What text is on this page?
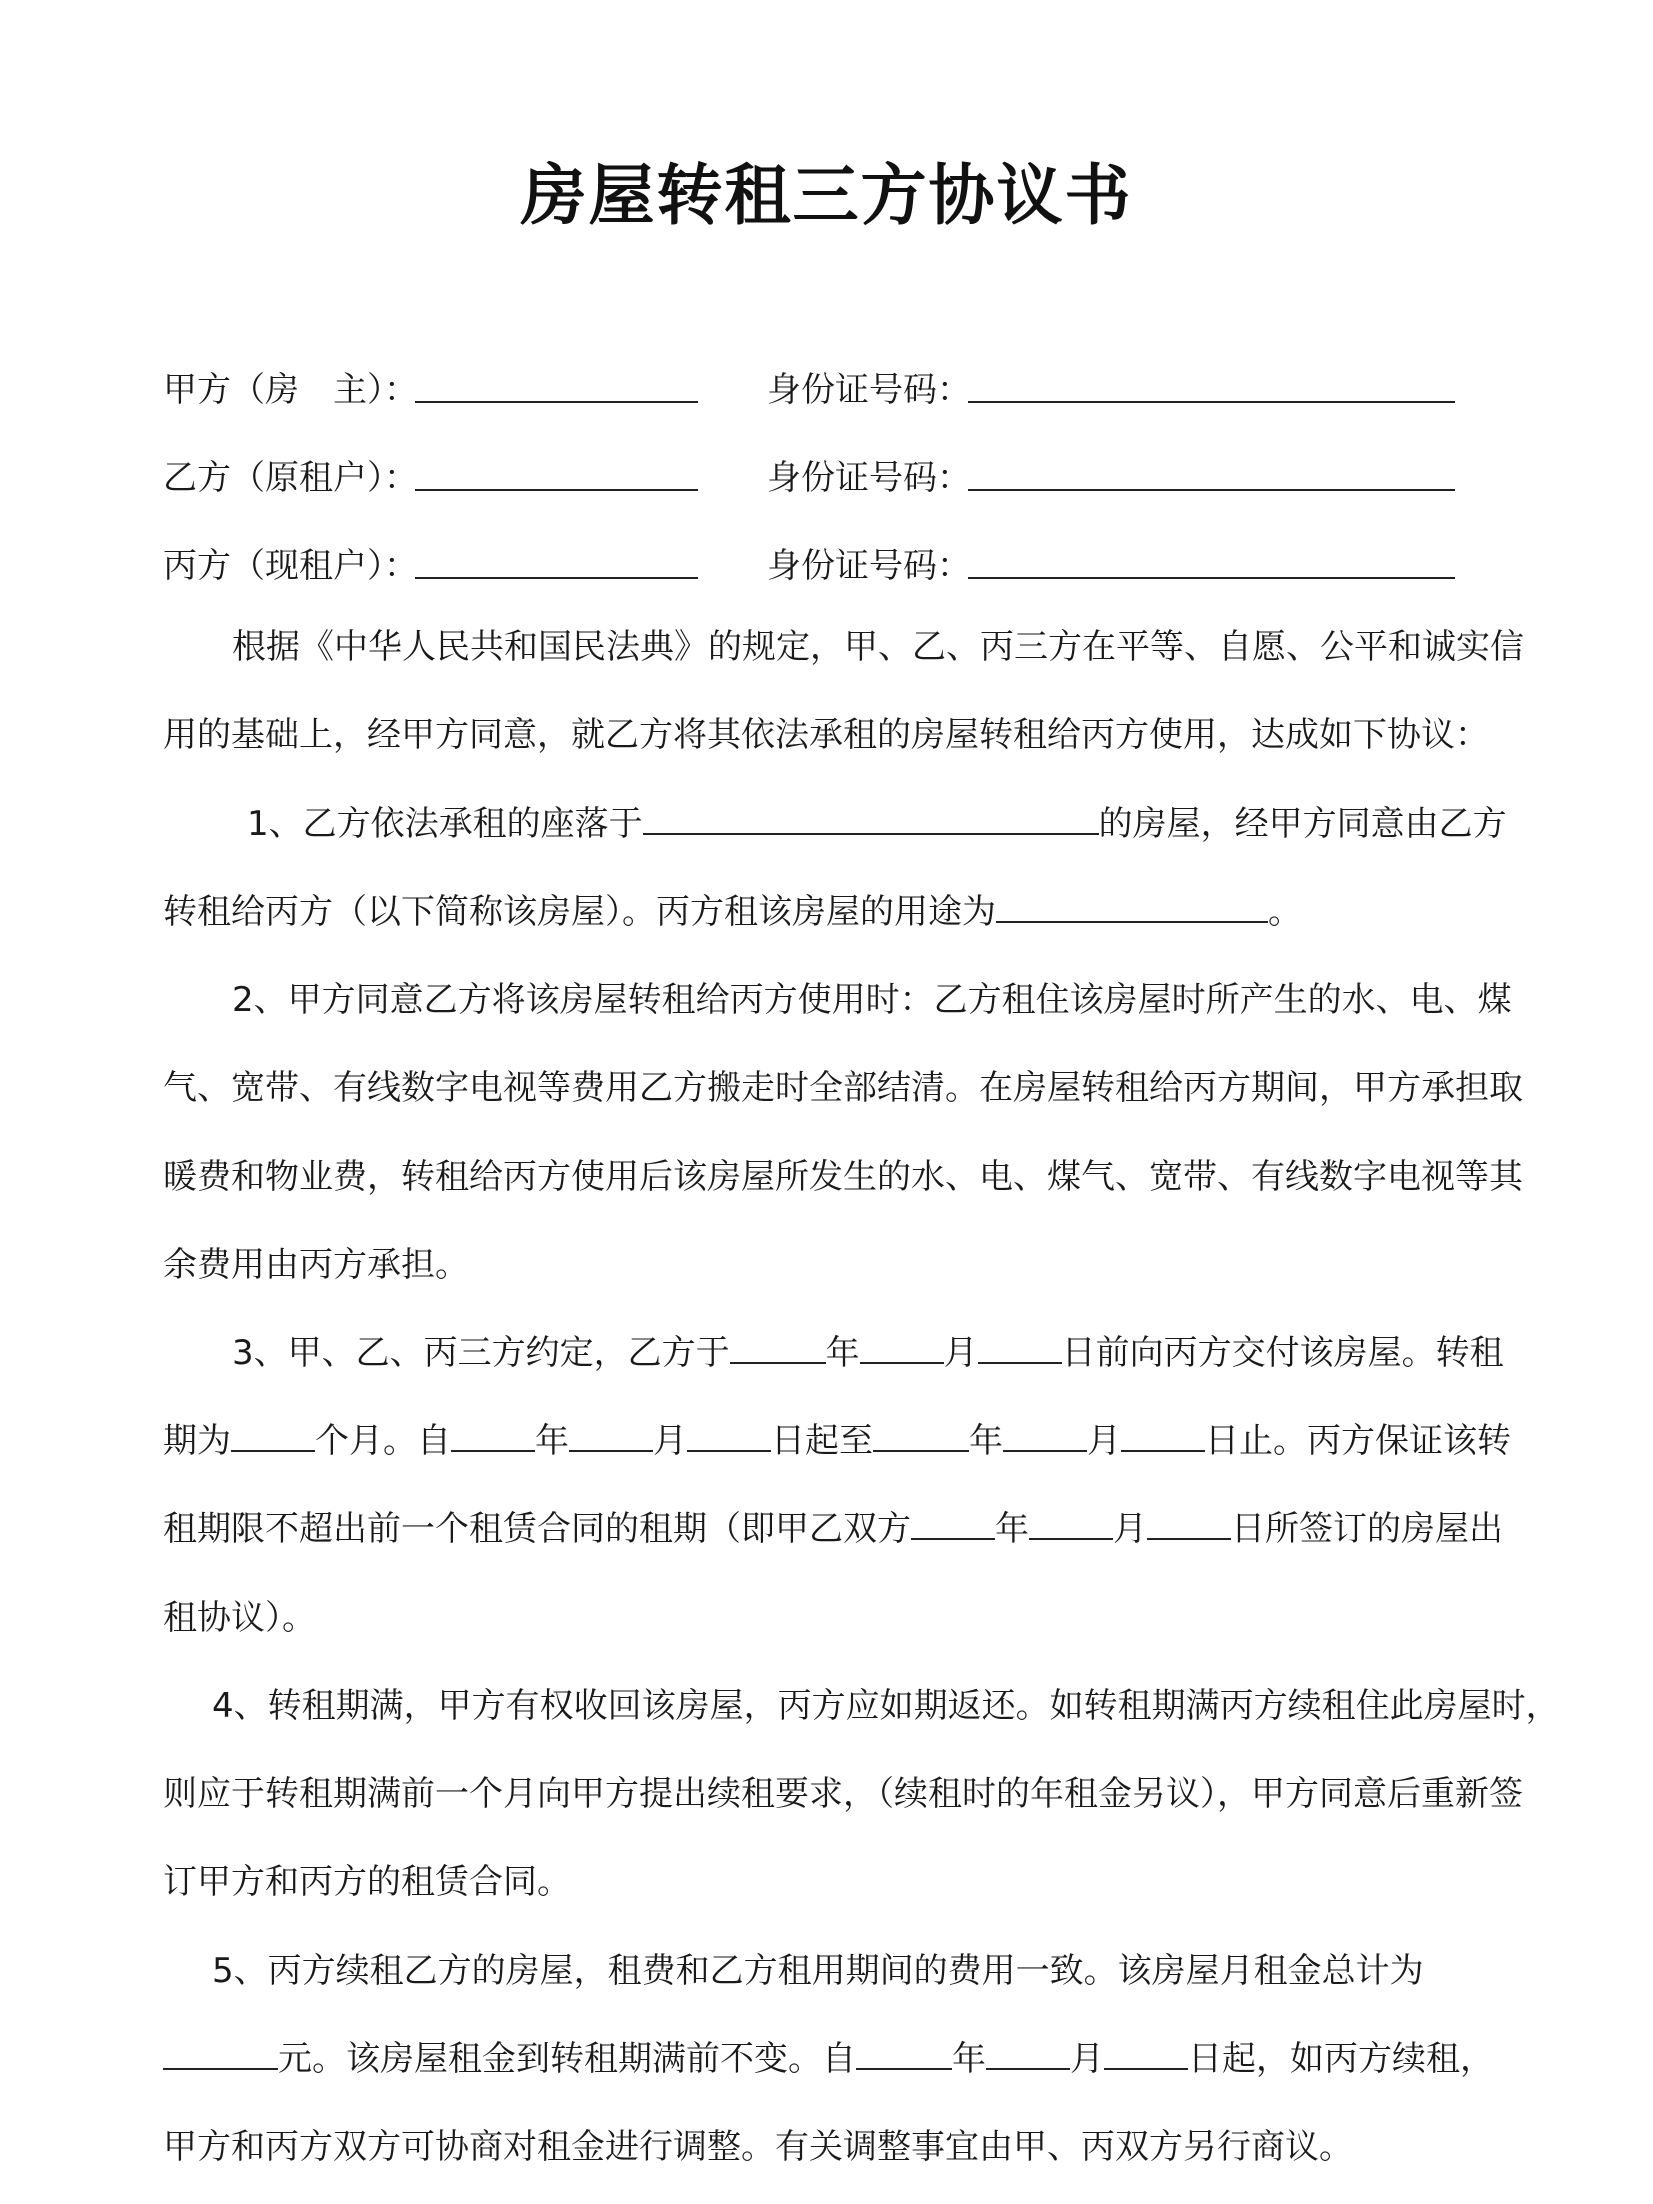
房屋转租三方协议书
甲方（房　主）：	身份证号码：
乙方（原租户）：	身份证号码：
丙方（现租户）：	身份证号码：
根据《中华人民共和国民法典》的规定，甲、乙、丙三方在平等、自愿、公平和诚实信
用的基础上，经甲方同意，就乙方将其依法承租的房屋转租给丙方使用，达成如下协议：
1、乙方依法承租的座落于	的房屋，经甲方同意由乙方
转租给丙方（以下简称该房屋）。丙方租该房屋的用途为	。
2、甲方同意乙方将该房屋转租给丙方使用时：乙方租住该房屋时所产生的水、电、煤
气、宽带、有线数字电视等费用乙方搬走时全部结清。在房屋转租给丙方期间，甲方承担取
暖费和物业费，转租给丙方使用后该房屋所发生的水、电、煤气、宽带、有线数字电视等其
余费用由丙方承担。
3、甲、乙、丙三方约定，乙方于	年 月 日前向丙方交付该房屋。转租
期为 个月。自 年 月 日起至	年 月 日止。丙方保证该转
租期限不超出前一个租赁合同的租期（即甲乙双方 年 月 日所签订的房屋出
租协议）。
4、转租期满，甲方有权收回该房屋，丙方应如期返还。如转租期满丙方续租住此房屋时，
则应于转租期满前一个月向甲方提出续租要求，（续租时的年租金另议），甲方同意后重新签
订甲方和丙方的租赁合同。
5、丙方续租乙方的房屋，租费和乙方租用期间的费用一致。该房屋月租金总计为
元。该房屋租金到转租期满前不变。自	年 月 日起，如丙方续租，
甲方和丙方双方可协商对租金进行调整。有关调整事宜由甲、丙双方另行商议。
